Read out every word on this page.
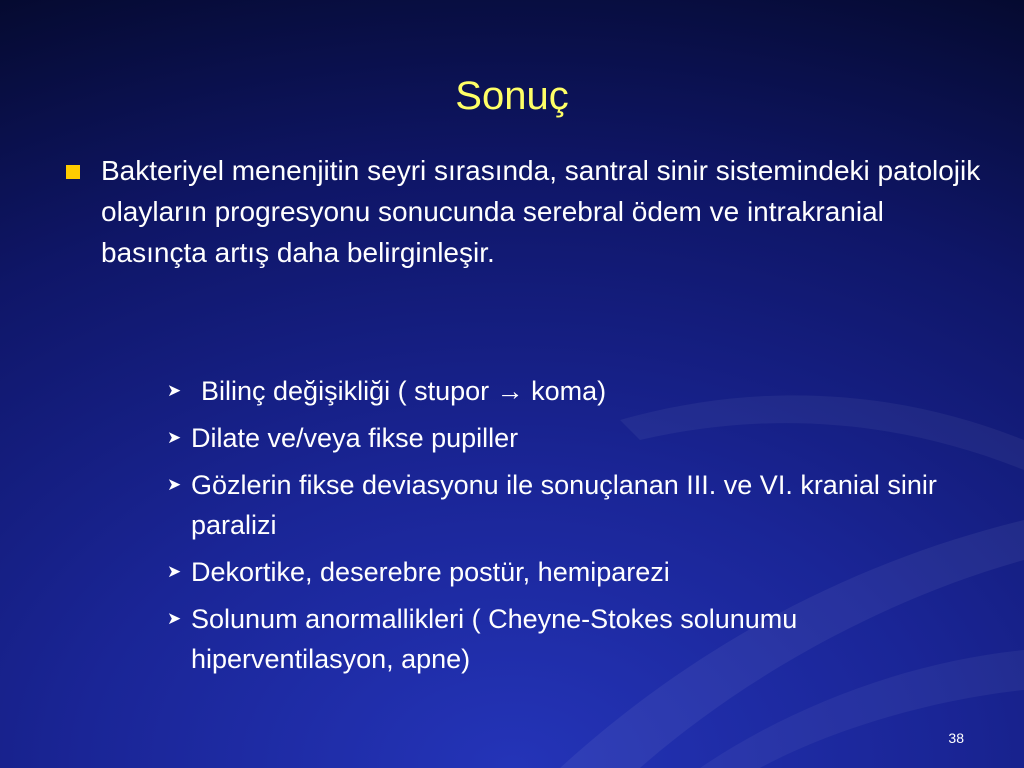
Sonuç

Bakteriyel menenjitin seyri sırasında, santral sinir sistemindeki patolojik olayların progresyonu sonucunda serebral ödem ve intrakranial basınçta artış daha belirginleşir.

➤ Bilinç değişikliği ( stupor → koma)
➤ Dilate ve/veya fikse pupiller
➤ Gözlerin fikse deviasyonu ile sonuçlanan III. ve VI. kranial sinir paralizi
➤ Dekortike, deserebre postür, hemiparezi
➤ Solunum anormallikleri ( Cheyne-Stokes solunumu hiperventilasyon, apne)
38
